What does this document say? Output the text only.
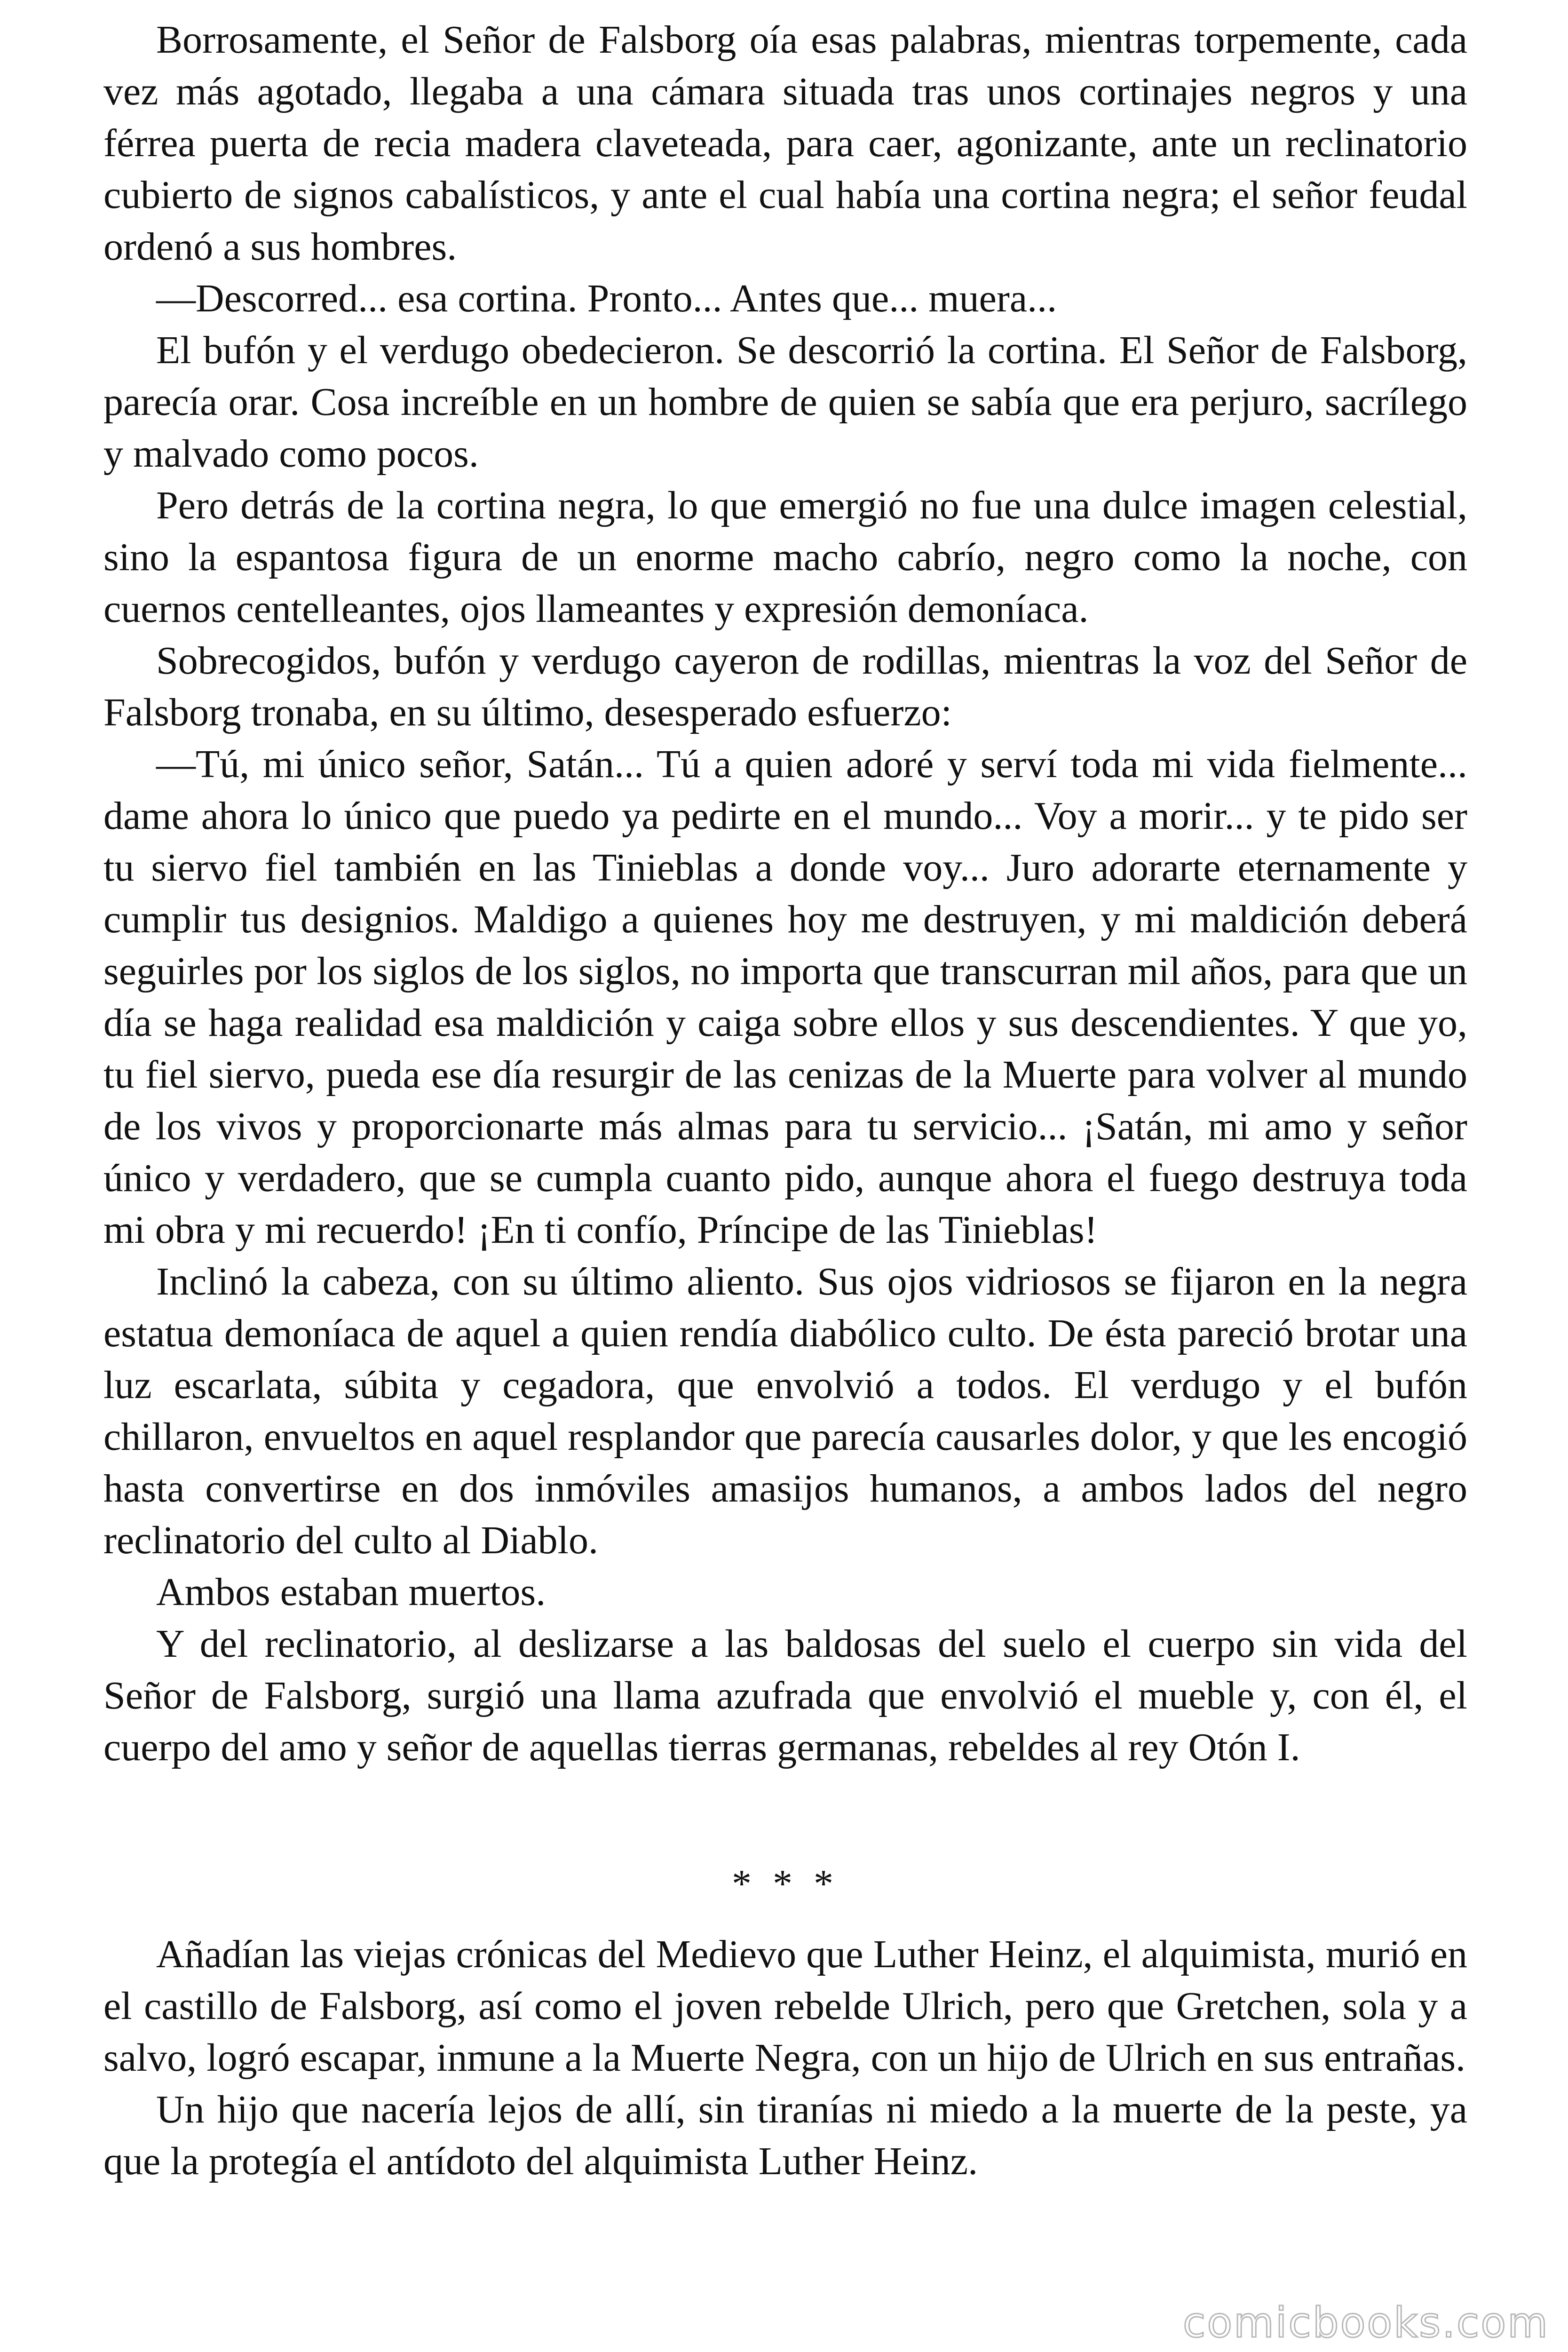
Borrosamente, el Señor de Falsborg oía esas palabras, mientras torpemente, cada vez más agotado, llegaba a una cámara situada tras unos cortinajes negros y una férrea puerta de recia madera claveteada, para caer, agonizante, ante un reclinatorio cubierto de signos cabalísticos, y ante el cual había una cortina negra; el señor feudal ordenó a sus hombres.

—Descorred... esa cortina. Pronto... Antes que... muera...

El bufón y el verdugo obedecieron. Se descorrió la cortina. El Señor de Falsborg, parecía orar. Cosa increíble en un hombre de quien se sabía que era perjuro, sacrílego y malvado como pocos.

Pero detrás de la cortina negra, lo que emergió no fue una dulce imagen celestial, sino la espantosa figura de un enorme macho cabrío, negro como la noche, con cuernos centelleantes, ojos llameantes y expresión demoníaca.

Sobrecogidos, bufón y verdugo cayeron de rodillas, mientras la voz del Señor de Falsborg tronaba, en su último, desesperado esfuerzo:

—Tú, mi único señor, Satán... Tú a quien adoré y serví toda mi vida fielmente... dame ahora lo único que puedo ya pedirte en el mundo... Voy a morir... y te pido ser tu siervo fiel también en las Tinieblas a donde voy... Juro adorarte eternamente y cumplir tus designios. Maldigo a quienes hoy me destruyen, y mi maldición deberá seguirles por los siglos de los siglos, no importa que transcurran mil años, para que un día se haga realidad esa maldición y caiga sobre ellos y sus descendientes. Y que yo, tu fiel siervo, pueda ese día resurgir de las cenizas de la Muerte para volver al mundo de los vivos y proporcionarte más almas para tu servicio... ¡Satán, mi amo y señor único y verdadero, que se cumpla cuanto pido, aunque ahora el fuego destruya toda mi obra y mi recuerdo! ¡En ti confío, Príncipe de las Tinieblas!

Inclinó la cabeza, con su último aliento. Sus ojos vidriosos se fijaron en la negra estatua demoníaca de aquel a quien rendía diabólico culto. De ésta pareció brotar una luz escarlata, súbita y cegadora, que envolvió a todos. El verdugo y el bufón chillaron, envueltos en aquel resplandor que parecía causarles dolor, y que les encogió hasta convertirse en dos inmóviles amasijos humanos, a ambos lados del negro reclinatorio del culto al Diablo.

Ambos estaban muertos.

Y del reclinatorio, al deslizarse a las baldosas del suelo el cuerpo sin vida del Señor de Falsborg, surgió una llama azufrada que envolvió el mueble y, con él, el cuerpo del amo y señor de aquellas tierras germanas, rebeldes al rey Otón I.

* * *

Añadían las viejas crónicas del Medievo que Luther Heinz, el alquimista, murió en el castillo de Falsborg, así como el joven rebelde Ulrich, pero que Gretchen, sola y a salvo, logró escapar, inmune a la Muerte Negra, con un hijo de Ulrich en sus entrañas.

Un hijo que nacería lejos de allí, sin tiranías ni miedo a la muerte de la peste, ya que la protegía el antídoto del alquimista Luther Heinz.

comicbooks.com
